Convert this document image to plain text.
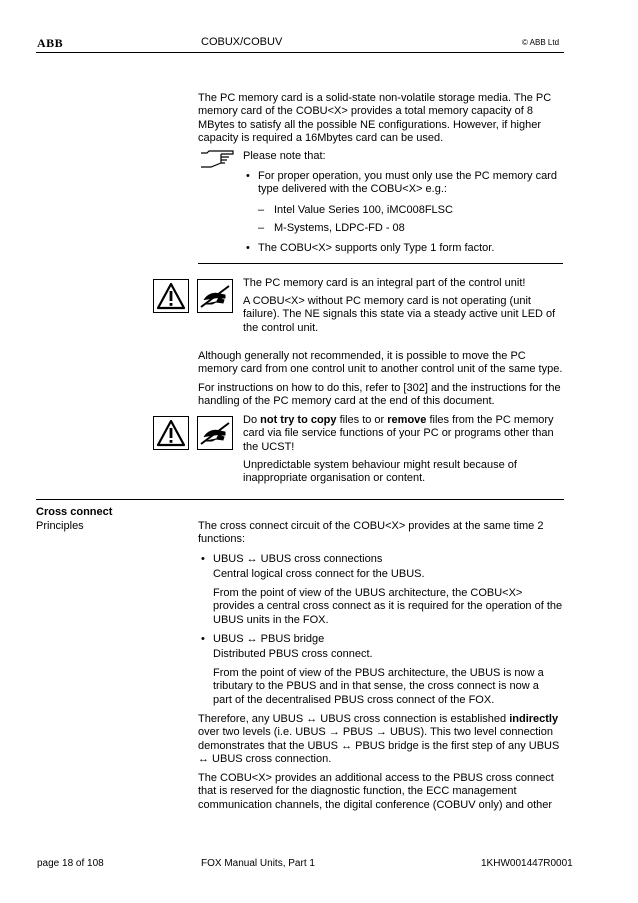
ABB	COBUX/COBUV	© ABB Ltd

The PC memory card is a solid-state non-volatile storage media. The PC memory card of the COBU<X> provides a total memory capacity of 8 MBytes to satisfy all the possible NE configurations. However, if higher capacity is required a 16Mbytes card can be used.

Please note that:
• For proper operation, you must only use the PC memory card type delivered with the COBU<X> e.g.:

– Intel Value Series 100, iMC008FLSC
– M-Systems, LDPC-FD - 08
• The COBU<X> supports only Type 1 form factor.

The PC memory card is an integral part of the control unit!

A COBU<X> without PC memory card is not operating (unit failure). The NE signals this state via a steady active unit LED of the control unit.

Although generally not recommended, it is possible to move the PC memory card from one control unit to another control unit of the same type.

For instructions on how to do this, refer to [302] and the instructions for the handling of the PC memory card at the end of this document.

Do not try to copy files to or remove files from the PC memory card via file service functions of your PC or programs other than the UCST!

Unpredictable system behaviour might result because of inappropriate organisation or content.

Cross connect
Principles	The cross connect circuit of the COBU<X> provides at the same time 2 functions:

• UBUS ↔ UBUS cross connections
Central logical cross connect for the UBUS.

From the point of view of the UBUS architecture, the COBU<X> provides a central cross connect as it is required for the operation of the UBUS units in the FOX.

• UBUS ↔ PBUS bridge
Distributed PBUS cross connect.

From the point of view of the PBUS architecture, the UBUS is now a tributary to the PBUS and in that sense, the cross connect is now a part of the decentralised PBUS cross connect of the FOX.

Therefore, any UBUS ↔ UBUS cross connection is established indirectly over two levels (i.e. UBUS → PBUS → UBUS). This two level connection demonstrates that the UBUS ↔ PBUS bridge is the first step of any UBUS ↔ UBUS cross connection.

The COBU<X> provides an additional access to the PBUS cross connect that is reserved for the diagnostic function, the ECC management communication channels, the digital conference (COBUV only) and other

page 18 of 108	FOX Manual Units, Part 1	1KHW001447R0001
